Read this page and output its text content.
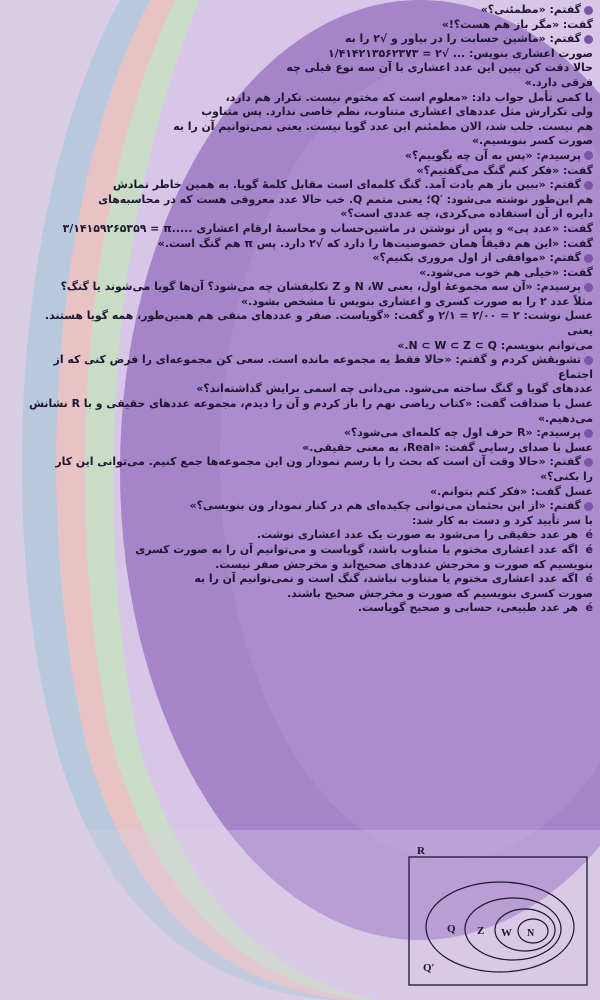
گفتم: «مطمئنی؟»

گفت: «مگر باز هم هست؟!»

گفتم: «ماشین حسابت را در بیاور و √٢ را به

صورت اعشاری بنویس: ... √٢ = ١/۴١۴٢١٣۵۶٢٣٧٣

حالا دقت کن ببین این عدد اعشاری با آن سه نوع قبلی چه

فرقی دارد.»

با کمی تأمل جواب داد: «معلوم است که مختوم نیست. تکرار هم دارد،

ولی تکرارش مثل عددهای اعشاری متناوب، نظم خاصی ندارد. پس متناوب

هم نیست. جلب شد، الان مطمئنم این عدد گویا نیست. یعنی نمی‌توانیم آن را به

صورت کسر بنویسیم.»

پرسیدم: «پس به آن چه بگوییم؟»

گفت: «فکر کنم گنگ می‌گفتیم؟»

گفتم: «ببین باز هم یادت آمد. گنگ کلمه‌ای است مقابل کلمهٔ گویا. به همین خاطر نمادش

هم این‌طور نوشته می‌شود: ′Q؛ یعنی متمم Q. خب حالا عدد معروفی هست که در محاسبه‌های

دایره از آن استفاده می‌کردی، چه عددی است؟»

گفت: «عدد پی» و پس از نوشتن در ماشین‌حساب و محاسبهٔ ارقام اعشاری .....π = ٣/١۴١۵٩٢۶۵٣۵٩

گفت: «این هم دقیقاً همان خصوصیت‌ها را دارد که √٢ دارد. پس π هم گنگ است.»

گفتم: «موافقی از اول مروری بکنیم؟»

گفت: «خیلی هم خوب می‌شود.»

پرسیدم: «آن سه مجموعهٔ اول، یعنی N ،W و Z تکلیفشان چه می‌شود؟ آن‌ها گویا می‌شوند یا گنگ؟

مثلاً عدد ٢ را به صورت کسری و اعشاری بنویس تا مشخص بشود.»

عسل نوشت: ٢ = ٢/٠٠ = ٢/١ و گفت: «گویاست. صفر و عددهای منفی هم همین‌طور، همه گویا هستند. یعنی

می‌توانم بنویسم: N ⊂ W ⊂ Z ⊂ Q.»

تشویقش کردم و گفتم: «حالا فقط یه مجموعه مانده است. سعی کن مجموعه‌ای را فرض کنی که از اجتماع

عددهای گویا و گنگ ساخته می‌شود. می‌دانی چه اسمی برایش گذاشته‌اند؟»

عسل با صداقت گفت: «کتاب ریاضی نهم را باز کردم و آن را دیدم، مجموعه عددهای حقیقی و با R نشانش

می‌دهیم.»

پرسیدم: «R حرف اول چه کلمه‌ای می‌شود؟»

عسل با صدای رسایی گفت: «Real، به معنی حقیقی.»

گفتم: «حالا وقت آن است که بحث را با رسم نمودار ون این مجموعه‌ها جمع کنیم. می‌توانی این کار

را بکنی؟»

عسل گفت: «فکر کنم بتوانم.»

گفتم: «از این بحثمان می‌توانی چکیده‌ای هم در کنار نمودار ون بنویسی؟»

با سر تأیید کرد و دست به کار شد:

éهر عدد حقیقی را می‌شود به صورت یک عدد اعشاری نوشت.

éاگه عدد اعشاری مختوم یا متناوب باشد، گویاست و می‌توانیم آن را به صورت کسری

بنویسیم که صورت و مخرجش عددهای صحیح‌اند و مخرجش صفر نیست.

éاگه عدد اعشاری مختوم یا متناوب نباشد، گنگ است و نمی‌توانیم آن را به

صورت کسری بنویسیم که صورت و مخرجش صحیح باشند.

éهر عدد طبیعی، حسابی و صحیح گویاست.

R
Q Z W N
Q′
